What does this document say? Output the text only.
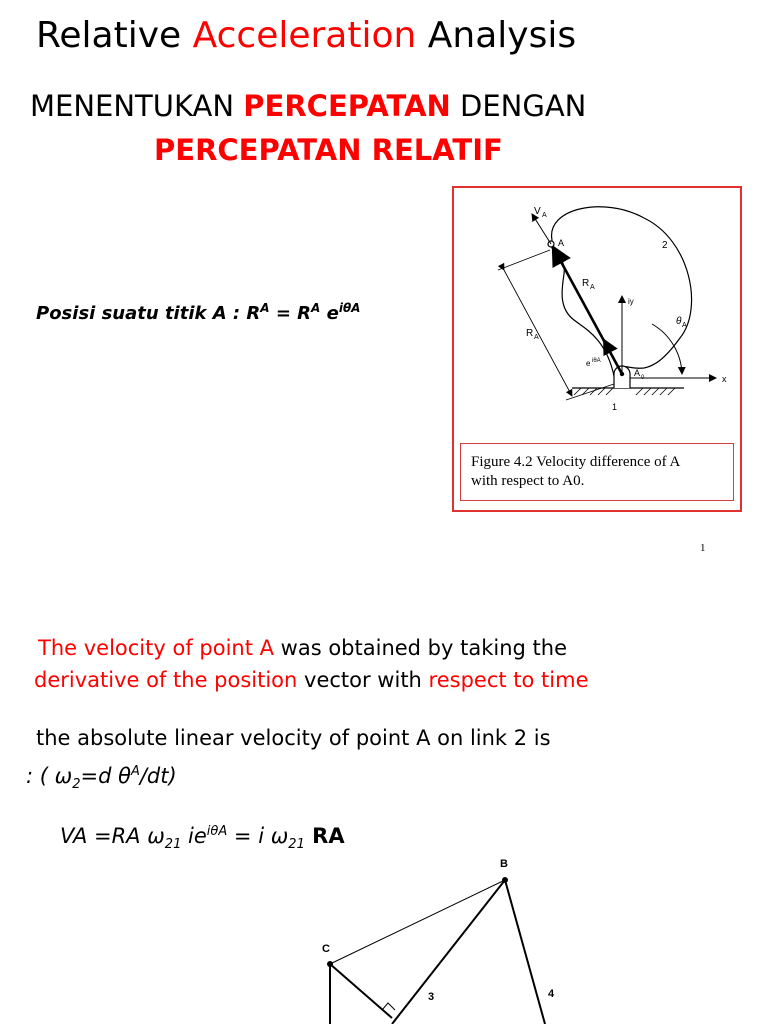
Relative Acceleration Analysis
MENENTUKAN PERCEPATAN DENGAN
PERCEPATAN RELATIF
Posisi suatu titik A : $R^A = R^A$ $e^{i\theta A}$
V A
A	2
R A
iy
θ A
R A
e iθA
A 0	x
1
Figure 4.2 Velocity difference of A
with respect to A0.
1
The velocity of point A was obtained by taking the
derivative of the position vector with respect to time
the absolute linear velocity of point A on link 2 is
: ( $\omega_2=d$ $\theta^A/dt$)
VA =RA $\omega_{21}$ $ie^{i\theta A} = i$ $\omega_{21}$ RA
B
C
3	4
